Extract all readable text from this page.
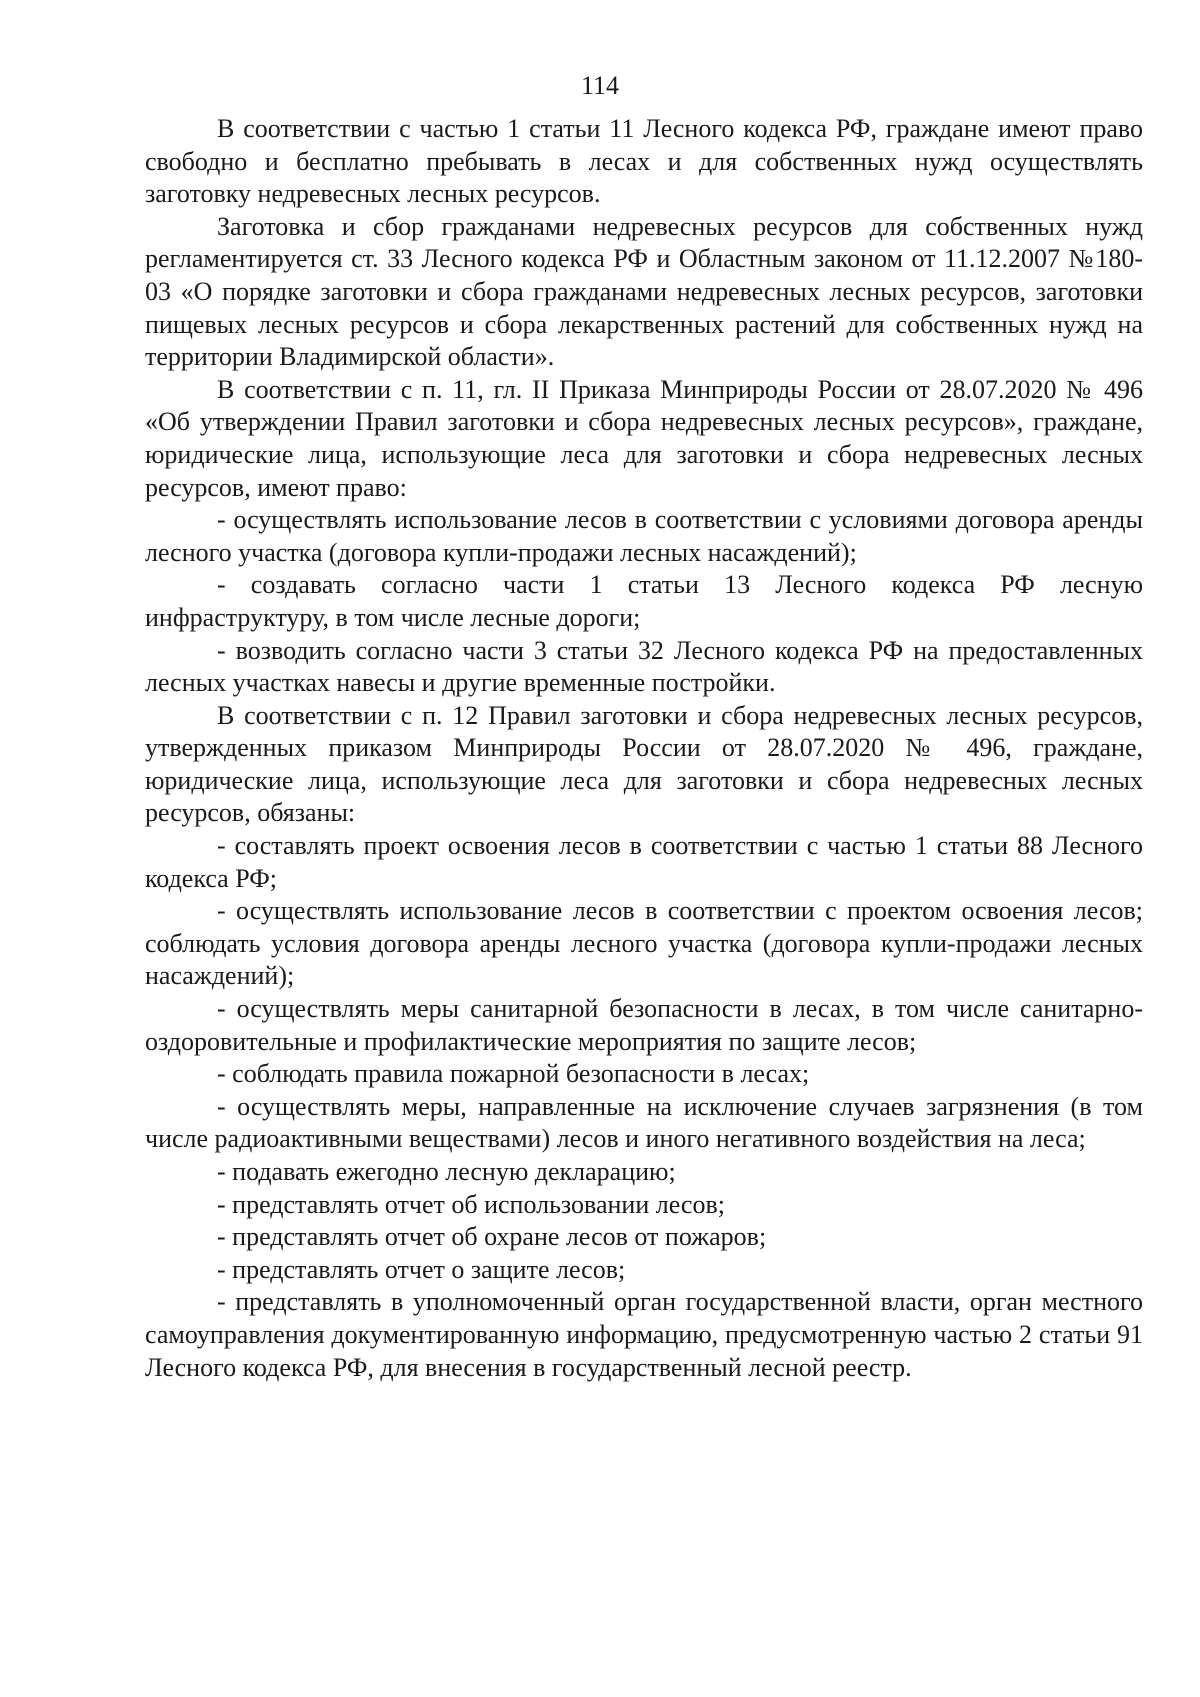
114

В соответствии с частью 1 статьи 11 Лесного кодекса РФ, граждане имеют право свободно и бесплатно пребывать в лесах и для собственных нужд осуществлять заготовку недревесных лесных ресурсов.

Заготовка и сбор гражданами недревесных ресурсов для собственных нужд регламентируется ст. 33 Лесного кодекса РФ и Областным законом от 11.12.2007 №180-03 «О порядке заготовки и сбора гражданами недревесных лесных ресурсов, заготовки пищевых лесных ресурсов и сбора лекарственных растений для собственных нужд на территории Владимирской области».

В соответствии с п. 11, гл. II Приказа Минприроды России от 28.07.2020 № 496 «Об утверждении Правил заготовки и сбора недревесных лесных ресурсов», граждане, юридические лица, использующие леса для заготовки и сбора недревесных лесных ресурсов, имеют право:

- осуществлять использование лесов в соответствии с условиями договора аренды лесного участка (договора купли-продажи лесных насаждений);

- создавать согласно части 1 статьи 13 Лесного кодекса РФ лесную инфраструктуру, в том числе лесные дороги;

- возводить согласно части 3 статьи 32 Лесного кодекса РФ на предоставленных лесных участках навесы и другие временные постройки.

В соответствии с п. 12 Правил заготовки и сбора недревесных лесных ресурсов, утвержденных приказом Минприроды России от 28.07.2020 № 496, граждане, юридические лица, использующие леса для заготовки и сбора недревесных лесных ресурсов, обязаны:

- составлять проект освоения лесов в соответствии с частью 1 статьи 88 Лесного кодекса РФ;

- осуществлять использование лесов в соответствии с проектом освоения лесов; соблюдать условия договора аренды лесного участка (договора купли-продажи лесных насаждений);

- осуществлять меры санитарной безопасности в лесах, в том числе санитарно-оздоровительные и профилактические мероприятия по защите лесов;

- соблюдать правила пожарной безопасности в лесах;

- осуществлять меры, направленные на исключение случаев загрязнения (в том числе радиоактивными веществами) лесов и иного негативного воздействия на леса;

- подавать ежегодно лесную декларацию;

- представлять отчет об использовании лесов;

- представлять отчет об охране лесов от пожаров;

- представлять отчет о защите лесов;

- представлять в уполномоченный орган государственной власти, орган местного самоуправления документированную информацию, предусмотренную частью 2 статьи 91 Лесного кодекса РФ, для внесения в государственный лесной реестр.
